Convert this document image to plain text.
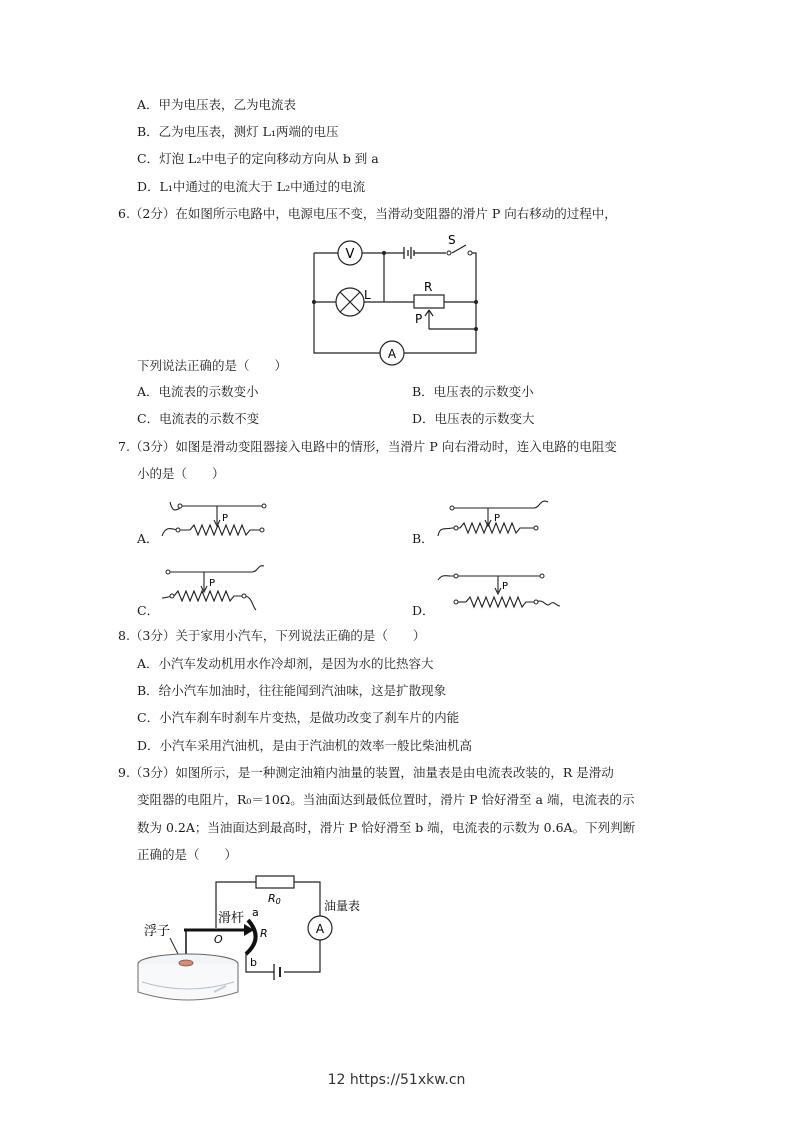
A．甲为电压表，乙为电流表
B．乙为电压表，测灯 L₁两端的电压
C．灯泡 L₂中电子的定向移动方向从 b 到 a
D．L₁中通过的电流大于 L₂中通过的电流
6.（2分）在如图所示电路中，电源电压不变，当滑动变阻器的滑片 P 向右移动的过程中，
V
L
R
P
S
A
下列说法正确的是（　　）
A．电流表的示数变小	B．电压表的示数变小
C．电流表的示数不变	D．电压表的示数变大
7.（3分）如图是滑动变阻器接入电路中的情形，当滑片 P 向右滑动时，连入电路的电阻变
小的是（　　）
A．
P
B．
P
C．
P
D．
P
8.（3分）关于家用小汽车，下列说法正确的是（　　）
A．小汽车发动机用水作冷却剂，是因为水的比热容大
B．给小汽车加油时，往往能闻到汽油味，这是扩散现象
C．小汽车刹车时刹车片变热，是做功改变了刹车片的内能
D．小汽车采用汽油机，是由于汽油机的效率一般比柴油机高
9.（3分）如图所示，是一种测定油箱内油量的装置，油量表是由电流表改装的，R 是滑动
变阻器的电阻片，R₀＝10Ω。当油面达到最低位置时，滑片 P 恰好滑至 a 端，电流表的示
数为 0.2A；当油面达到最高时，滑片 P 恰好滑至 b 端，电流表的示数为 0.6A。下列判断
正确的是（　　）
R0
A
油量表
R
a
b
滑杆
O
浮子
12 https://51xkw.cn
